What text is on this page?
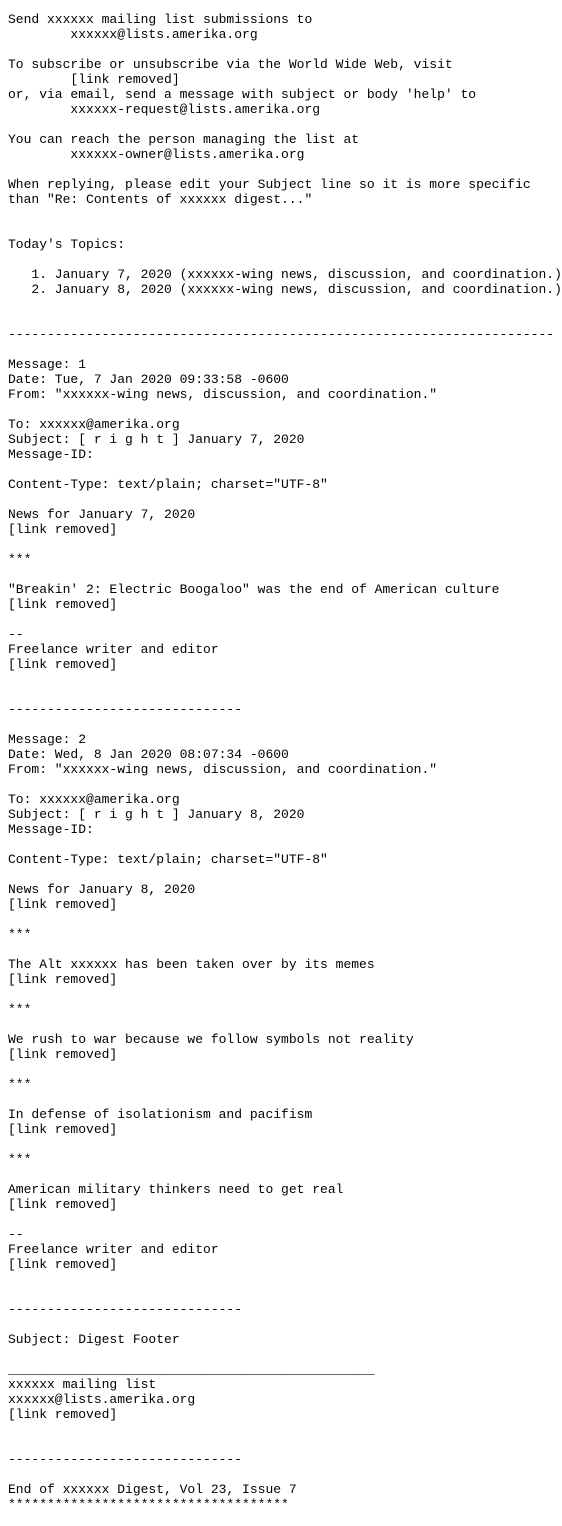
Send xxxxxx mailing list submissions to
xxxxxx@lists.amerika.org
To subscribe or unsubscribe via the World Wide Web, visit
[link removed]
or, via email, send a message with subject or body 'help' to
xxxxxx-request@lists.amerika.org
You can reach the person managing the list at
xxxxxx-owner@lists.amerika.org
When replying, please edit your Subject line so it is more specific
than "Re: Contents of xxxxxx digest..."
Today's Topics:
1. January 7, 2020 (xxxxxx-wing news, discussion, and coordination.)
2. January 8, 2020 (xxxxxx-wing news, discussion, and coordination.)
----------------------------------------------------------------------
Message: 1
Date: Tue, 7 Jan 2020 09:33:58 -0600
From: "xxxxxx-wing news, discussion, and coordination."
To: xxxxxx@amerika.org
Subject: [ r i g h t ] January 7, 2020
Message-ID:
Content-Type: text/plain; charset="UTF-8"
News for January 7, 2020
[link removed]
***
"Breakin' 2: Electric Boogaloo" was the end of American culture
[link removed]
--
Freelance writer and editor
[link removed]
------------------------------
Message: 2
Date: Wed, 8 Jan 2020 08:07:34 -0600
From: "xxxxxx-wing news, discussion, and coordination."
To: xxxxxx@amerika.org
Subject: [ r i g h t ] January 8, 2020
Message-ID:
Content-Type: text/plain; charset="UTF-8"
News for January 8, 2020
[link removed]
***
The Alt xxxxxx has been taken over by its memes
[link removed]
***
We rush to war because we follow symbols not reality
[link removed]
***
In defense of isolationism and pacifism
[link removed]
***
American military thinkers need to get real
[link removed]
--
Freelance writer and editor
[link removed]
------------------------------
Subject: Digest Footer
_______________________________________________
xxxxxx mailing list
xxxxxx@lists.amerika.org
[link removed]
------------------------------
End of xxxxxx Digest, Vol 23, Issue 7
************************************
